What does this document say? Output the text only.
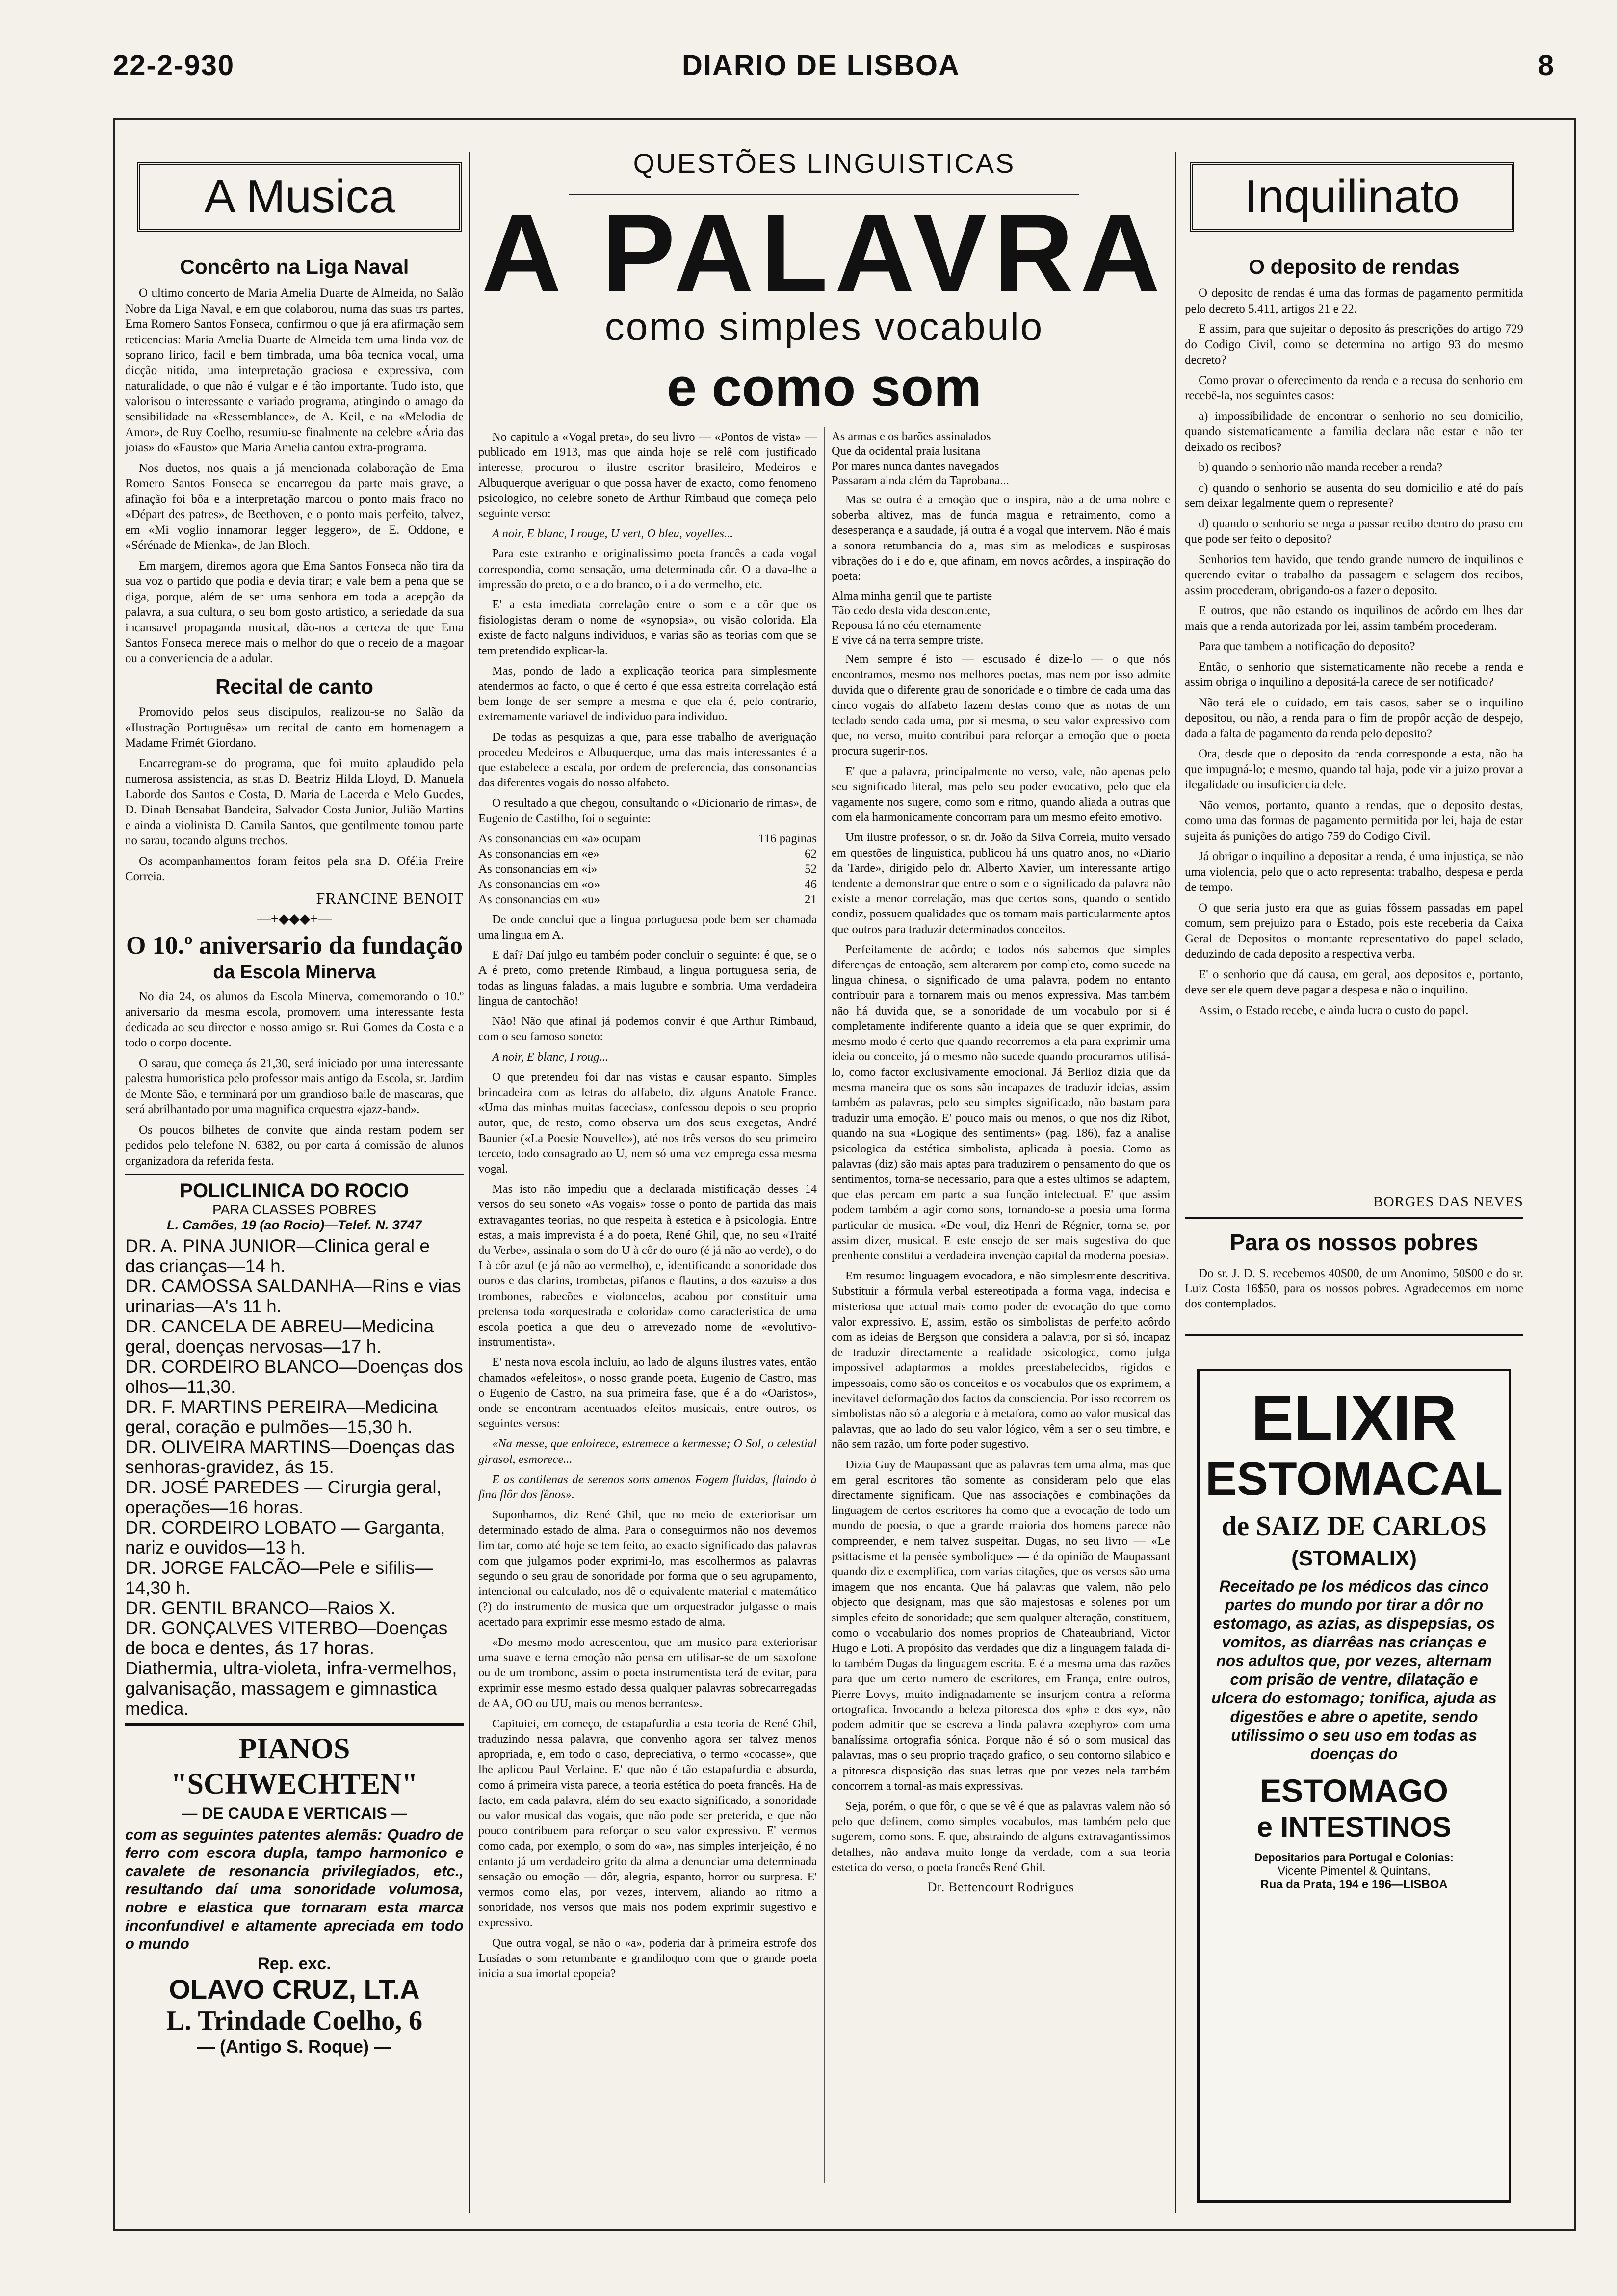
22-2-930	DIARIO DE LISBOA	8
A Musica
Concêrto na Liga Naval

O ultimo concerto de Maria Amelia Duarte de Almeida, no Salão Nobre da Liga Naval, e em que colaborou, numa das suas trs partes, Ema Romero Santos Fonseca, confirmou o que já era afirmação sem reticencias: Maria Amelia Duarte de Almeida tem uma linda voz de soprano lirico, facil e bem timbrada, uma bôa tecnica vocal, uma dicção nitida, uma interpretação graciosa e expressiva, com naturalidade, o que não é vulgar e é tão importante. Tudo isto, que valorisou o interessante e variado programa, atingindo o amago da sensibilidade na «Ressemblance», de A. Keil, e na «Melodia de Amor», de Ruy Coelho, resumiu-se finalmente na celebre «Ária das joias» do «Fausto» que Maria Amelia cantou extra-programa.

Nos duetos, nos quais a já mencionada colaboração de Ema Romero Santos Fonseca se encarregou da parte mais grave, a afinação foi bôa e a interpretação marcou o ponto mais fraco no «Départ des patres», de Beethoven, e o ponto mais perfeito, talvez, em «Mi voglio innamorar legger leggero», de E. Oddone, e «Sérénade de Mienka», de Jan Bloch.

Em margem, diremos agora que Ema Santos Fonseca não tira da sua voz o partido que podia e devia tirar; e vale bem a pena que se diga, porque, além de ser uma senhora em toda a acepção da palavra, a sua cultura, o seu bom gosto artistico, a seriedade da sua incansavel propaganda musical, dão-nos a certeza de que Ema Santos Fonseca merece mais o melhor do que o receio de a magoar ou a conveniencia de a adular.

Recital de canto

Promovido pelos seus discipulos, realizou-se no Salão da «Ilustração Portuguêsa» um recital de canto em homenagem a Madame Frimét Giordano.

Encarregram-se do programa, que foi muito aplaudido pela numerosa assistencia, as sr.as D. Beatriz Hilda Lloyd, D. Manuela Laborde dos Santos e Costa, D. Maria de Lacerda e Melo Guedes, D. Dinah Bensabat Bandeira, Salvador Costa Junior, Julião Martins e ainda a violinista D. Camila Santos, que gentilmente tomou parte no sarau, tocando alguns trechos.

Os acompanhamentos foram feitos pela sr.a D. Ofélia Freire Correia.

FRANCINE BENOIT
—+◆◆◆+—
O 10.º aniversario da fundação
da Escola Minerva

No dia 24, os alunos da Escola Minerva, comemorando o 10.º aniversario da mesma escola, promovem uma interessante festa dedicada ao seu director e nosso amigo sr. Rui Gomes da Costa e a todo o corpo docente.

O sarau, que começa ás 21,30, será iniciado por uma interessante palestra humoristica pelo professor mais antigo da Escola, sr. Jardim de Monte São, e terminará por um grandioso baile de mascaras, que será abrilhantado por uma magnifica orquestra «jazz-band».

Os poucos bilhetes de convite que ainda restam podem ser pedidos pelo telefone N. 6382, ou por carta á comissão de alunos organizadora da referida festa.

POLICLINICA DO ROCIO
PARA CLASSES POBRES
L. Camões, 19 (ao Rocio)—Telef. N. 3747

DR. A. PINA JUNIOR—Clinica geral e das crianças—14 h.

DR. CAMOSSA SALDANHA—Rins e vias urinarias—A's 11 h.

DR. CANCELA DE ABREU—Medicina geral, doenças nervosas—17 h.

DR. CORDEIRO BLANCO—Doenças dos olhos—11,30.

DR. F. MARTINS PEREIRA—Medicina geral, coração e pulmões—15,30 h.

DR. OLIVEIRA MARTINS—Doenças das senhoras-gravidez, ás 15.

DR. JOSÉ PAREDES — Cirurgia geral, operações—16 horas.

DR. CORDEIRO LOBATO — Garganta, nariz e ouvidos—13 h.

DR. JORGE FALCÃO—Pele e sifilis—14,30 h.

DR. GENTIL BRANCO—Raios X.

DR. GONÇALVES VITERBO—Doenças de boca e dentes, ás 17 horas.

Diathermia, ultra-violeta, infra-vermelhos, galvanisação, massagem e gimnastica medica.

PIANOS "SCHWECHTEN"
— DE CAUDA E VERTICAIS —
com as seguintes patentes alemãs: Quadro de ferro com escora dupla, tampo harmonico e cavalete de resonancia privilegiados, etc., resultando daí uma sonoridade volumosa, nobre e elastica que tornaram esta marca inconfundivel e altamente apreciada em todo o mundo
Rep. exc.
OLAVO CRUZ, LT.A
L. Trindade Coelho, 6
— (Antigo S. Roque) —
QUESTÕES LINGUISTICAS
A PALAVRA
como simples vocabulo
e como som

No capitulo a «Vogal preta», do seu livro — «Pontos de vista» — publicado em 1913, mas que ainda hoje se relê com justificado interesse, procurou o ilustre escritor brasileiro, Medeiros e Albuquerque averiguar o que possa haver de exacto, como fenomeno psicologico, no celebre soneto de Arthur Rimbaud que começa pelo seguinte verso:

A noir, E blanc, I rouge, U vert, O bleu, voyelles...

Para este extranho e originalissimo poeta francês a cada vogal correspondia, como sensação, uma determinada côr. O a dava-lhe a impressão do preto, o e a do branco, o i a do vermelho, etc.

E' a esta imediata correlação entre o som e a côr que os fisiologistas deram o nome de «synopsia», ou visão colorida. Ela existe de facto nalguns individuos, e varias são as teorias com que se tem pretendido explicar-la.

Mas, pondo de lado a explicação teorica para simplesmente atendermos ao facto, o que é certo é que essa estreita correlação está bem longe de ser sempre a mesma e que ela é, pelo contrario, extremamente variavel de individuo para individuo.

De todas as pesquizas a que, para esse trabalho de averiguação procedeu Medeiros e Albuquerque, uma das mais interessantes é a que estabelece a escala, por ordem de preferencia, das consonancias das diferentes vogais do nosso alfabeto.

O resultado a que chegou, consultando o «Dicionario de rimas», de Eugenio de Castilho, foi o seguinte:

As consonancias em «a» ocupam	116 paginas
As consonancias em «e»	62
As consonancias em «i»	52
As consonancias em «o»	46
As consonancias em «u»	21

De onde conclui que a lingua portuguesa pode bem ser chamada uma lingua em A.

E daí? Daí julgo eu também poder concluir o seguinte: é que, se o A é preto, como pretende Rimbaud, a lingua portuguesa seria, de todas as linguas faladas, a mais lugubre e sombria. Uma verdadeira lingua de cantochão!

Não! Não que afinal já podemos convir é que Arthur Rimbaud, com o seu famoso soneto:

A noir, E blanc, I roug...

O que pretendeu foi dar nas vistas e causar espanto. Simples brincadeira com as letras do alfabeto, diz alguns Anatole France. «Uma das minhas muitas facecias», confessou depois o seu proprio autor, que, de resto, como observa um dos seus exegetas, André Baunier («La Poesie Nouvelle»), até nos três versos do seu primeiro terceto, todo consagrado ao U, nem só uma vez emprega essa mesma vogal.

Mas isto não impediu que a declarada mistificação desses 14 versos do seu soneto «As vogais» fosse o ponto de partida das mais extravagantes teorias, no que respeita à estetica e à psicologia. Entre estas, a mais imprevista é a do poeta, René Ghil, que, no seu «Traité du Verbe», assinala o som do U à côr do ouro (é já não ao verde), o do I à côr azul (e já não ao vermelho), e, identificando a sonoridade dos ouros e das clarins, trombetas, pifanos e flautins, a dos «azuis» a dos trombones, rabecões e violoncelos, acabou por constituir uma pretensa toda «orquestrada e colorida» como caracteristica de uma escola poetica a que deu o arrevezado nome de «evolutivo-instrumentista».

E' nesta nova escola incluiu, ao lado de alguns ilustres vates, então chamados «efeleitos», o nosso grande poeta, Eugenio de Castro, mas o Eugenio de Castro, na sua primeira fase, que é a do «Oaristos», onde se encontram acentuados efeitos musicais, entre outros, os seguintes versos:

«Na messe, que enloirece, estremece a kermesse; O Sol, o celestial girasol, esmorece...

E as cantilenas de serenos sons amenos Fogem fluidas, fluindo à fina flôr dos fênos».

Suponhamos, diz René Ghil, que no meio de exteriorisar um determinado estado de alma. Para o conseguirmos não nos devemos limitar, como até hoje se tem feito, ao exacto significado das palavras com que julgamos poder exprimi-lo, mas escolhermos as palavras segundo o seu grau de sonoridade por forma que o seu agrupamento, intencional ou calculado, nos dê o equivalente material e matemático (?) do instrumento de musica que um orquestrador julgasse o mais acertado para exprimir esse mesmo estado de alma.

«Do mesmo modo acrescentou, que um musico para exteriorisar uma suave e terna emoção não pensa em utilisar-se de um saxofone ou de um trombone, assim o poeta instrumentista terá de evitar, para exprimir esse mesmo estado dessa qualquer palavras sobrecarregadas de AA, OO ou UU, mais ou menos berrantes».

Capituiei, em começo, de estapafurdia a esta teoria de René Ghil, traduzindo nessa palavra, que convenho agora ser talvez menos apropriada, e, em todo o caso, depreciativa, o termo «cocasse», que lhe aplicou Paul Verlaine. E' que não é tão estapafurdia e absurda, como á primeira vista parece, a teoria estética do poeta francês. Ha de facto, em cada palavra, além do seu exacto significado, a sonoridade ou valor musical das vogais, que não pode ser preterida, e que não pouco contribuem para reforçar o seu valor expressivo. E' vermos como cada, por exemplo, o som do «a», nas simples interjeição, é no entanto já um verdadeiro grito da alma a denunciar uma determinada sensação ou emoção — dôr, alegria, espanto, horror ou surpresa. E' vermos como elas, por vezes, intervem, aliando ao ritmo a sonoridade, nos versos que mais nos podem exprimir sugestivo e expressivo.

Que outra vogal, se não o «a», poderia dar à primeira estrofe dos Lusíadas o som retumbante e grandiloquo com que o grande poeta inicia a sua imortal epopeia?

As armas e os barões assinalados
Que da ocidental praia lusitana
Por mares nunca dantes navegados
Passaram ainda além da Taprobana...

Mas se outra é a emoção que o inspira, não a de uma nobre e soberba altivez, mas de funda magua e retraimento, como a desesperança e a saudade, já outra é a vogal que intervem. Não é mais a sonora retumbancia do a, mas sim as melodicas e suspirosas vibrações do i e do e, que afinam, em novos acôrdes, a inspiração do poeta:

Alma minha gentil que te partiste
Tão cedo desta vida descontente,
Repousa lá no céu eternamente
E vive cá na terra sempre triste.

Nem sempre é isto — escusado é dize-lo — o que nós encontramos, mesmo nos melhores poetas, mas nem por isso admite duvida que o diferente grau de sonoridade e o timbre de cada uma das cinco vogais do alfabeto fazem destas como que as notas de um teclado sendo cada uma, por si mesma, o seu valor expressivo com que, no verso, muito contribui para reforçar a emoção que o poeta procura sugerir-nos.

E' que a palavra, principalmente no verso, vale, não apenas pelo seu significado literal, mas pelo seu poder evocativo, pelo que ela vagamente nos sugere, como som e ritmo, quando aliada a outras que com ela harmonicamente concorram para um mesmo efeito emotivo.

Um ilustre professor, o sr. dr. João da Silva Correia, muito versado em questões de linguistica, publicou há uns quatro anos, no «Diario da Tarde», dirigido pelo dr. Alberto Xavier, um interessante artigo tendente a demonstrar que entre o som e o significado da palavra não existe a menor correlação, mas que certos sons, quando o sentido condiz, possuem qualidades que os tornam mais particularmente aptos que outros para traduzir determinados conceitos.

Perfeitamente de acôrdo; e todos nós sabemos que simples diferenças de entoação, sem alterarem por completo, como sucede na lingua chinesa, o significado de uma palavra, podem no entanto contribuir para a tornarem mais ou menos expressiva. Mas também não há duvida que, se a sonoridade de um vocabulo por si é completamente indiferente quanto a ideia que se quer exprimir, do mesmo modo é certo que quando recorremos a ela para exprimir uma ideia ou conceito, já o mesmo não sucede quando procuramos utilisá-lo, como factor exclusivamente emocional. Já Berlioz dizia que da mesma maneira que os sons são incapazes de traduzir ideias, assim também as palavras, pelo seu simples significado, não bastam para traduzir uma emoção. E' pouco mais ou menos, o que nos diz Ribot, quando na sua «Logique des sentiments» (pag. 186), faz a analise psicologica da estética simbolista, aplicada à poesia. Como as palavras (diz) são mais aptas para traduzirem o pensamento do que os sentimentos, torna-se necessario, para que a estes ultimos se adaptem, que elas percam em parte a sua função intelectual. E' que assim podem também a agir como sons, tornando-se a poesia uma forma particular de musica. «De voul, diz Henri de Régnier, torna-se, por assim dizer, musical. E este ensejo de ser mais sugestiva do que prenhente constitui a verdadeira invenção capital da moderna poesia».

Em resumo: linguagem evocadora, e não simplesmente descritiva. Substituir a fórmula verbal estereotipada a forma vaga, indecisa e misteriosa que actual mais como poder de evocação do que como valor expressivo. E, assim, estão os simbolistas de perfeito acôrdo com as ideias de Bergson que considera a palavra, por si só, incapaz de traduzir directamente a realidade psicologica, como julga impossivel adaptarmos a moldes preestabelecidos, rigidos e impessoais, como são os conceitos e os vocabulos que os exprimem, a inevitavel deformação dos factos da consciencia. Por isso recorrem os simbolistas não só a alegoria e à metafora, como ao valor musical das palavras, que ao lado do seu valor lógico, vêm a ser o seu timbre, e não sem razão, um forte poder sugestivo.

Dizia Guy de Maupassant que as palavras tem uma alma, mas que em geral escritores tão somente as consideram pelo que elas directamente significam. Que nas associações e combinações da linguagem de certos escritores ha como que a evocação de todo um mundo de poesia, o que a grande maioria dos homens parece não compreender, e nem talvez suspeitar. Dugas, no seu livro — «Le psittacisme et la pensée symbolique» — é da opinião de Maupassant quando diz e exemplifica, com varias citações, que os versos são uma imagem que nos encanta. Que há palavras que valem, não pelo objecto que designam, mas que são majestosas e solenes por um simples efeito de sonoridade; que sem qualquer alteração, constituem, como o vocabulario dos nomes proprios de Chateaubriand, Victor Hugo e Loti. A propósito das verdades que diz a linguagem falada di-lo também Dugas da linguagem escrita. E é a mesma uma das razões para que um certo numero de escritores, em França, entre outros, Pierre Lovys, muito indignadamente se insurjem contra a reforma ortografica. Invocando a beleza pitoresca dos «ph» e dos «y», não podem admitir que se escreva a linda palavra «zephyro» com uma banalíssima ortografia sónica. Porque não é só o som musical das palavras, mas o seu proprio traçado grafico, o seu contorno silabico e a pitoresca disposição das suas letras que por vezes nela também concorrem a tornal-as mais expressivas.

Seja, porém, o que fôr, o que se vê é que as palavras valem não só pelo que definem, como simples vocabulos, mas também pelo que sugerem, como sons. E que, abstraindo de alguns extravagantissimos detalhes, não andava muito longe da verdade, com a sua teoria estetica do verso, o poeta francês René Ghil.

Dr. Bettencourt Rodrigues
Inquilinato
O deposito de rendas

O deposito de rendas é uma das formas de pagamento permitida pelo decreto 5.411, artigos 21 e 22.

E assim, para que sujeitar o deposito ás prescrições do artigo 729 do Codigo Civil, como se determina no artigo 93 do mesmo decreto?

Como provar o oferecimento da renda e a recusa do senhorio em recebê-la, nos seguintes casos:

a) impossibilidade de encontrar o senhorio no seu domicilio, quando sistematicamente a familia declara não estar e não ter deixado os recibos?

b) quando o senhorio não manda receber a renda?

c) quando o senhorio se ausenta do seu domicilio e até do país sem deixar legalmente quem o represente?

d) quando o senhorio se nega a passar recibo dentro do praso em que pode ser feito o deposito?

Senhorios tem havido, que tendo grande numero de inquilinos e querendo evitar o trabalho da passagem e selagem dos recibos, assim procederam, obrigando-os a fazer o deposito.

E outros, que não estando os inquilinos de acôrdo em lhes dar mais que a renda autorizada por lei, assim também procederam.

Para que tambem a notificação do deposito?

Então, o senhorio que sistematicamente não recebe a renda e assim obriga o inquilino a depositá-la carece de ser notificado?

Não terá ele o cuidado, em tais casos, saber se o inquilino depositou, ou não, a renda para o fim de propôr acção de despejo, dada a falta de pagamento da renda pelo deposito?

Ora, desde que o deposito da renda corresponde a esta, não ha que impugná-lo; e mesmo, quando tal haja, pode vir a juizo provar a ilegalidade ou insuficiencia dele.

Não vemos, portanto, quanto a rendas, que o deposito destas, como uma das formas de pagamento permitida por lei, haja de estar sujeita ás punições do artigo 759 do Codigo Civil.

Já obrigar o inquilino a depositar a renda, é uma injustiça, se não uma violencia, pelo que o acto representa: trabalho, despesa e perda de tempo.

O que seria justo era que as guias fôssem passadas em papel comum, sem prejuizo para o Estado, pois este receberia da Caixa Geral de Depositos o montante representativo do papel selado, deduzindo de cada deposito a respectiva verba.

E' o senhorio que dá causa, em geral, aos depositos e, portanto, deve ser ele quem deve pagar a despesa e não o inquilino.

Assim, o Estado recebe, e ainda lucra o custo do papel.

BORGES DAS NEVES
Para os nossos pobres
Do sr. J. D. S. recebemos 40$00, de um Anonimo, 50$00 e do sr. Luiz Costa 16$50, para os nossos pobres. Agradecemos em nome dos contemplados.
ELIXIR
ESTOMACAL
de SAIZ DE CARLOS
(STOMALIX)
Receitado pe los médicos das cinco partes do mundo por tirar a dôr no estomago, as azias, as dispepsias, os vomitos, as diarrêas nas crianças e nos adultos que, por vezes, alternam com prisão de ventre, dilatação e ulcera do estomago; tonifica, ajuda as digestões e abre o apetite, sendo utilissimo o seu uso em todas as doenças do
ESTOMAGO
e INTESTINOS
Depositarios para Portugal e Colonias:
Vicente Pimentel & Quintans,
Rua da Prata, 194 e 196—LISBOA
